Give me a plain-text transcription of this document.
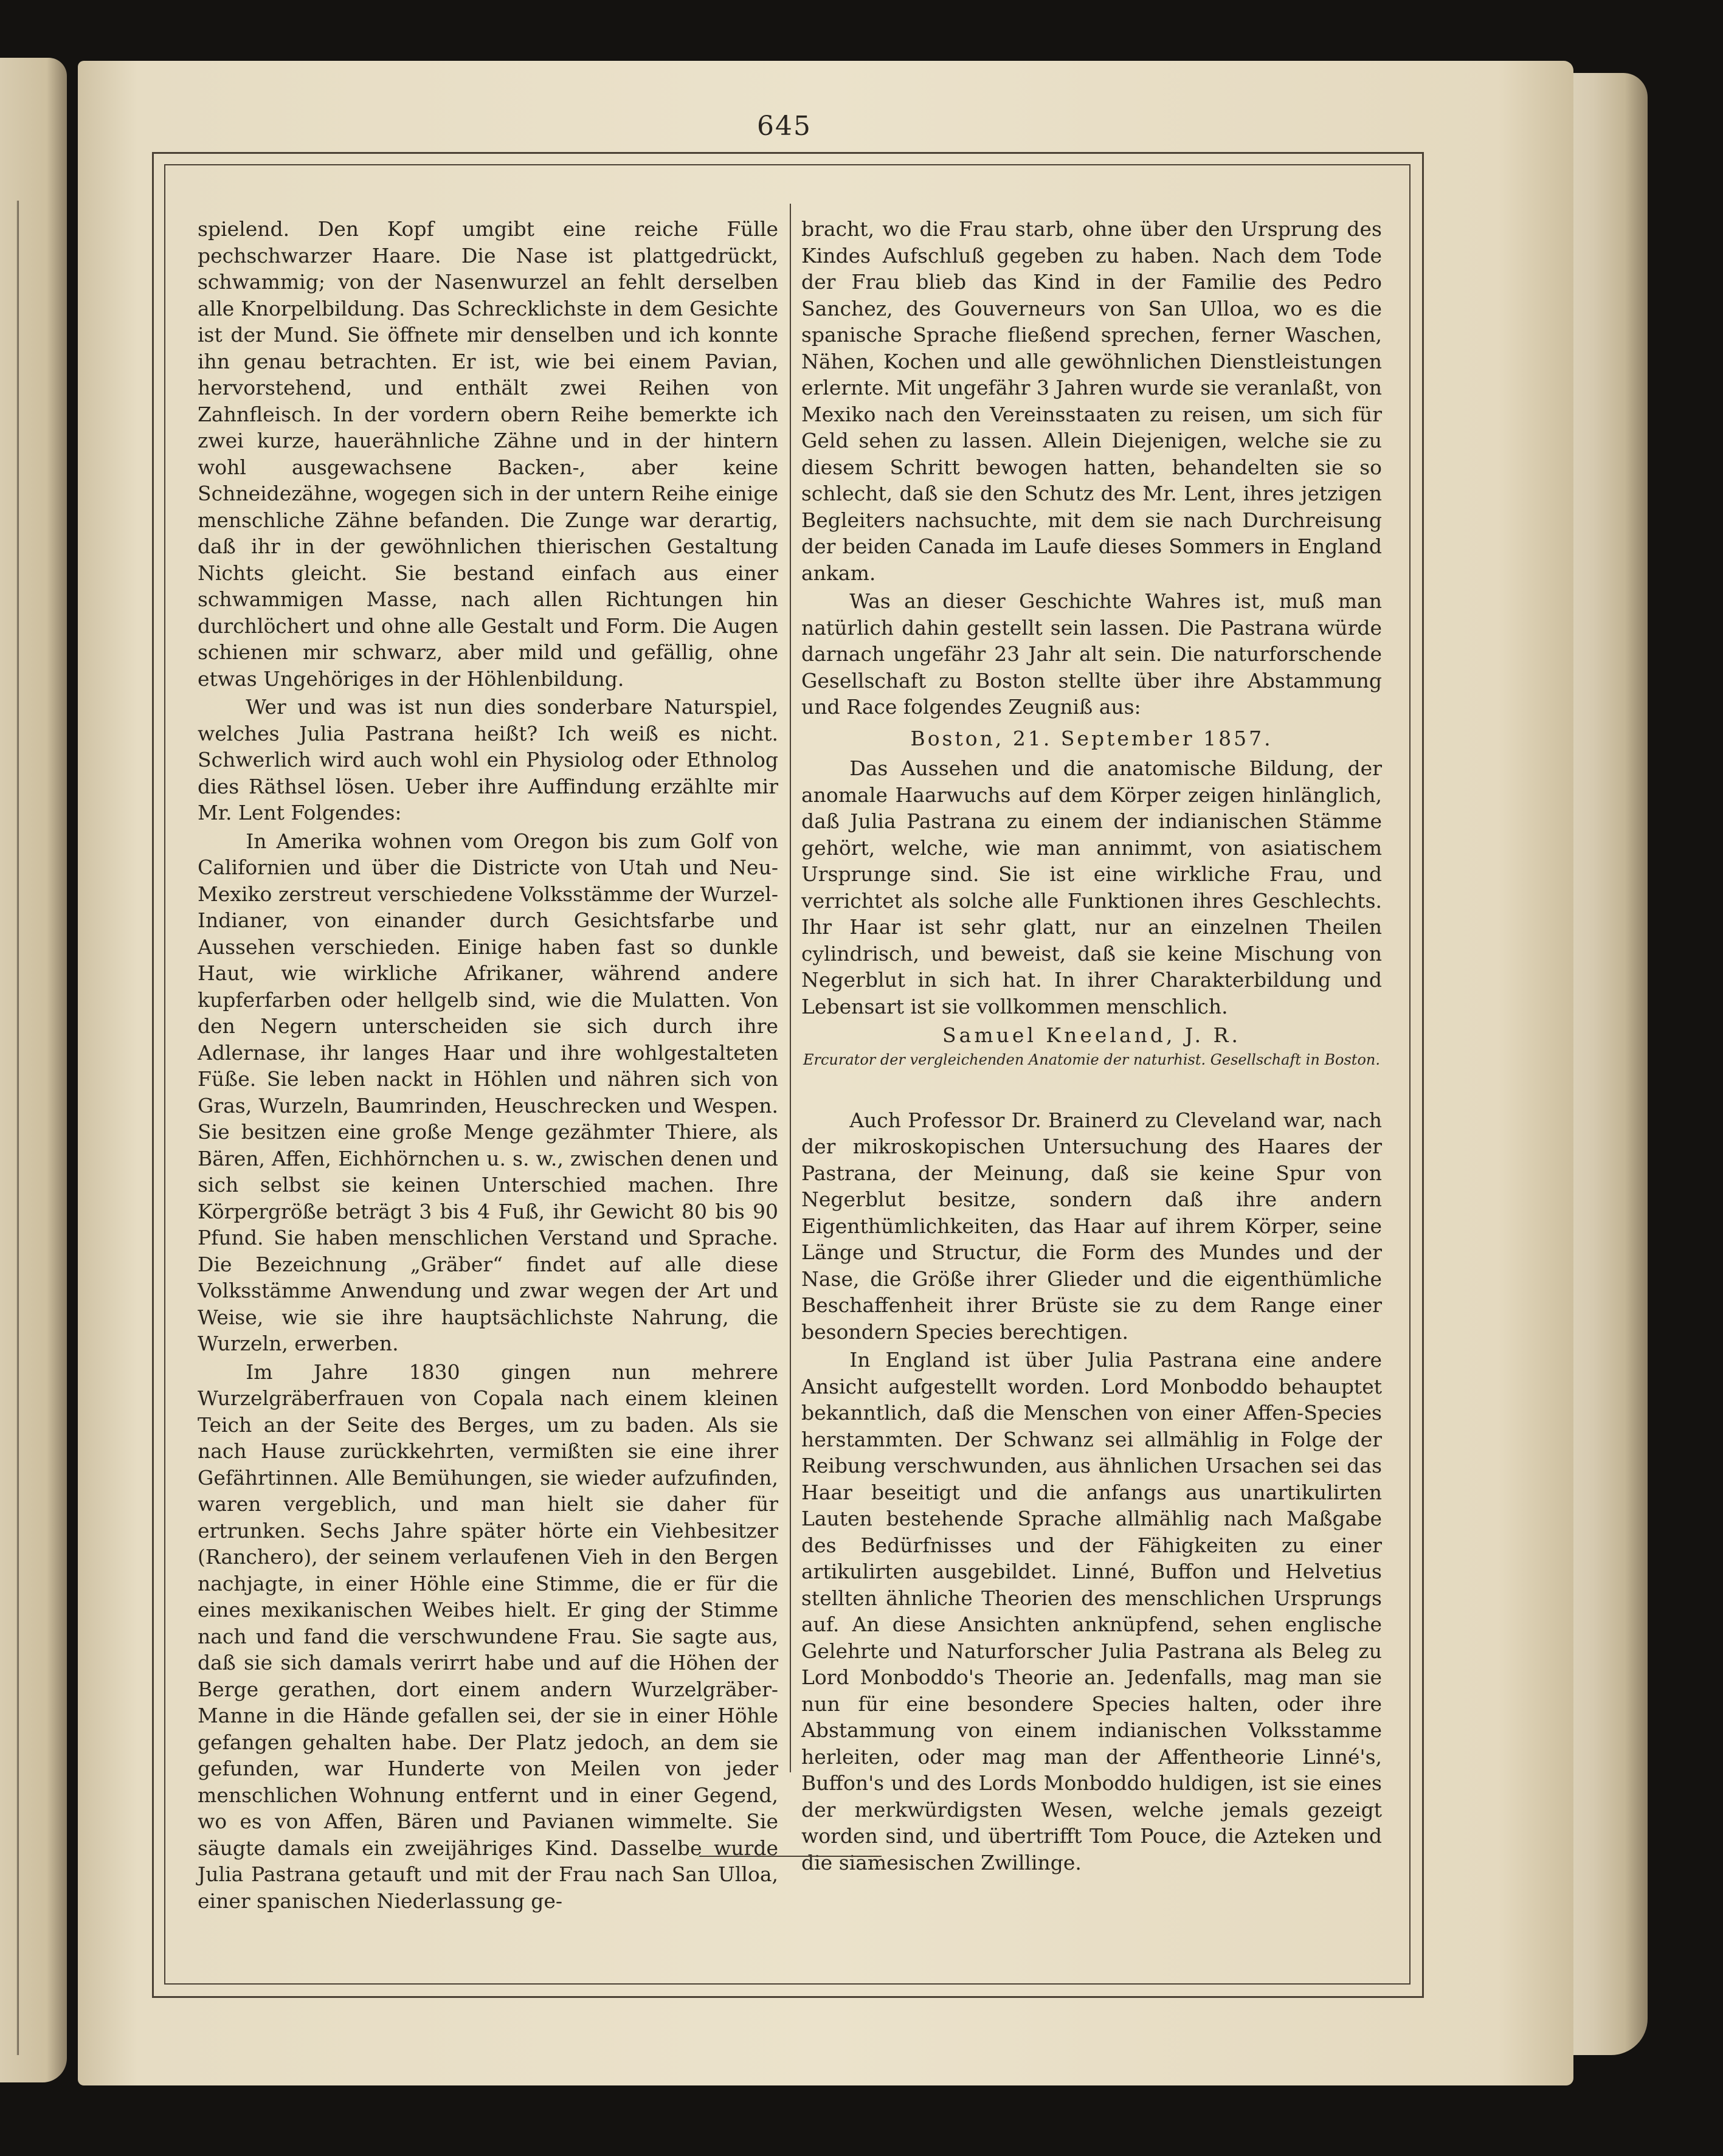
645

spielend. Den Kopf umgibt eine reiche Fülle pechschwarzer Haare. Die Nase ist plattgedrückt, schwammig; von der Nasenwurzel an fehlt derselben alle Knorpelbildung. Das Schrecklichste in dem Gesichte ist der Mund. Sie öffnete mir denselben und ich konnte ihn genau betrachten. Er ist, wie bei einem Pavian, hervorstehend, und enthält zwei Reihen von Zahnfleisch. In der vordern obern Reihe bemerkte ich zwei kurze, hauerähnliche Zähne und in der hintern wohl ausgewachsene Backen-, aber keine Schneidezähne, wogegen sich in der untern Reihe einige menschliche Zähne befanden. Die Zunge war derartig, daß ihr in der gewöhnlichen thierischen Gestaltung Nichts gleicht. Sie bestand einfach aus einer schwammigen Masse, nach allen Richtungen hin durchlöchert und ohne alle Gestalt und Form. Die Augen schienen mir schwarz, aber mild und gefällig, ohne etwas Ungehöriges in der Höhlenbildung.

Wer und was ist nun dies sonderbare Naturspiel, welches Julia Pastrana heißt? Ich weiß es nicht. Schwerlich wird auch wohl ein Physiolog oder Ethnolog dies Räthsel lösen. Ueber ihre Auffindung erzählte mir Mr. Lent Folgendes:

In Amerika wohnen vom Oregon bis zum Golf von Californien und über die Districte von Utah und Neu-Mexiko zerstreut verschiedene Volksstämme der Wurzel-Indianer, von einander durch Gesichtsfarbe und Aussehen verschieden. Einige haben fast so dunkle Haut, wie wirkliche Afrikaner, während andere kupferfarben oder hellgelb sind, wie die Mulatten. Von den Negern unterscheiden sie sich durch ihre Adlernase, ihr langes Haar und ihre wohlgestalteten Füße. Sie leben nackt in Höhlen und nähren sich von Gras, Wurzeln, Baumrinden, Heuschrecken und Wespen. Sie besitzen eine große Menge gezähmter Thiere, als Bären, Affen, Eichhörnchen u. s. w., zwischen denen und sich selbst sie keinen Unterschied machen. Ihre Körpergröße beträgt 3 bis 4 Fuß, ihr Gewicht 80 bis 90 Pfund. Sie haben menschlichen Verstand und Sprache. Die Bezeichnung „Gräber“ findet auf alle diese Volksstämme Anwendung und zwar wegen der Art und Weise, wie sie ihre hauptsächlichste Nahrung, die Wurzeln, erwerben.

Im Jahre 1830 gingen nun mehrere Wurzelgräberfrauen von Copala nach einem kleinen Teich an der Seite des Berges, um zu baden. Als sie nach Hause zurückkehrten, vermißten sie eine ihrer Gefährtinnen. Alle Bemühungen, sie wieder aufzufinden, waren vergeblich, und man hielt sie daher für ertrunken. Sechs Jahre später hörte ein Viehbesitzer (Ranchero), der seinem verlaufenen Vieh in den Bergen nachjagte, in einer Höhle eine Stimme, die er für die eines mexikanischen Weibes hielt. Er ging der Stimme nach und fand die verschwundene Frau. Sie sagte aus, daß sie sich damals verirrt habe und auf die Höhen der Berge gerathen, dort einem andern Wurzelgräber-Manne in die Hände gefallen sei, der sie in einer Höhle gefangen gehalten habe. Der Platz jedoch, an dem sie gefunden, war Hunderte von Meilen von jeder menschlichen Wohnung entfernt und in einer Gegend, wo es von Affen, Bären und Pavianen wimmelte. Sie säugte damals ein zweijähriges Kind. Dasselbe wurde Julia Pastrana getauft und mit der Frau nach San Ulloa, einer spanischen Niederlassung ge-

bracht, wo die Frau starb, ohne über den Ursprung des Kindes Aufschluß gegeben zu haben. Nach dem Tode der Frau blieb das Kind in der Familie des Pedro Sanchez, des Gouverneurs von San Ulloa, wo es die spanische Sprache fließend sprechen, ferner Waschen, Nähen, Kochen und alle gewöhnlichen Dienstleistungen erlernte. Mit ungefähr 3 Jahren wurde sie veranlaßt, von Mexiko nach den Vereinsstaaten zu reisen, um sich für Geld sehen zu lassen. Allein Diejenigen, welche sie zu diesem Schritt bewogen hatten, behandelten sie so schlecht, daß sie den Schutz des Mr. Lent, ihres jetzigen Begleiters nachsuchte, mit dem sie nach Durchreisung der beiden Canada im Laufe dieses Sommers in England ankam.

Was an dieser Geschichte Wahres ist, muß man natürlich dahin gestellt sein lassen. Die Pastrana würde darnach ungefähr 23 Jahr alt sein. Die naturforschende Gesellschaft zu Boston stellte über ihre Abstammung und Race folgendes Zeugniß aus:

Boston, 21. September 1857.

Das Aussehen und die anatomische Bildung, der anomale Haarwuchs auf dem Körper zeigen hinlänglich, daß Julia Pastrana zu einem der indianischen Stämme gehört, welche, wie man annimmt, von asiatischem Ursprunge sind. Sie ist eine wirkliche Frau, und verrichtet als solche alle Funktionen ihres Geschlechts. Ihr Haar ist sehr glatt, nur an einzelnen Theilen cylindrisch, und beweist, daß sie keine Mischung von Negerblut in sich hat. In ihrer Charakterbildung und Lebensart ist sie vollkommen menschlich.

Samuel Kneeland, J. R.
Ercurator der vergleichenden Anatomie der naturhist. Gesellschaft in Boston.

Auch Professor Dr. Brainerd zu Cleveland war, nach der mikroskopischen Untersuchung des Haares der Pastrana, der Meinung, daß sie keine Spur von Negerblut besitze, sondern daß ihre andern Eigenthümlichkeiten, das Haar auf ihrem Körper, seine Länge und Structur, die Form des Mundes und der Nase, die Größe ihrer Glieder und die eigenthümliche Beschaffenheit ihrer Brüste sie zu dem Range einer besondern Species berechtigen.

In England ist über Julia Pastrana eine andere Ansicht aufgestellt worden. Lord Monboddo behauptet bekanntlich, daß die Menschen von einer Affen-Species herstammten. Der Schwanz sei allmählig in Folge der Reibung verschwunden, aus ähnlichen Ursachen sei das Haar beseitigt und die anfangs aus unartikulirten Lauten bestehende Sprache allmählig nach Maßgabe des Bedürfnisses und der Fähigkeiten zu einer artikulirten ausgebildet. Linné, Buffon und Helvetius stellten ähnliche Theorien des menschlichen Ursprungs auf. An diese Ansichten anknüpfend, sehen englische Gelehrte und Naturforscher Julia Pastrana als Beleg zu Lord Monboddo's Theorie an. Jedenfalls, mag man sie nun für eine besondere Species halten, oder ihre Abstammung von einem indianischen Volksstamme herleiten, oder mag man der Affentheorie Linné's, Buffon's und des Lords Monboddo huldigen, ist sie eines der merkwürdigsten Wesen, welche jemals gezeigt worden sind, und übertrifft Tom Pouce, die Azteken und die siamesischen Zwillinge.
